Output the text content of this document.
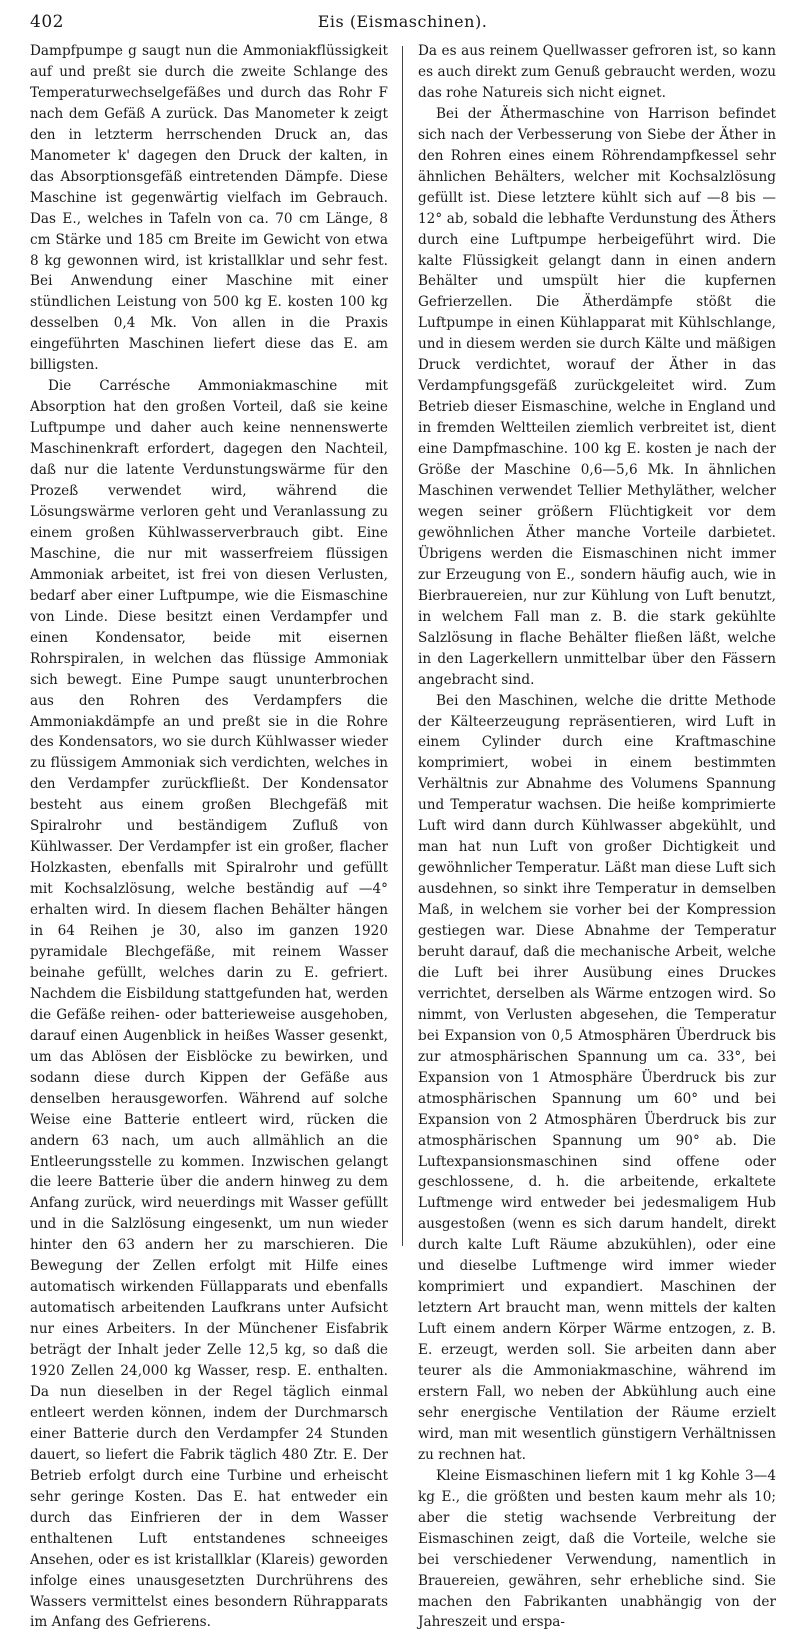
402	Eis (Eismaschinen).

Dampfpumpe g saugt nun die Ammoniakflüssigkeit auf und preßt sie durch die zweite Schlange des Temperaturwechselgefäßes und durch das Rohr F nach dem Gefäß A zurück. Das Manometer k zeigt den in letzterm herrschenden Druck an, das Manometer k' dagegen den Druck der kalten, in das Absorptionsgefäß eintretenden Dämpfe. Diese Maschine ist gegenwärtig vielfach im Gebrauch. Das E., welches in Tafeln von ca. 70 cm Länge, 8 cm Stärke und 185 cm Breite im Gewicht von etwa 8 kg gewonnen wird, ist kristallklar und sehr fest. Bei Anwendung einer Maschine mit einer stündlichen Leistung von 500 kg E. kosten 100 kg desselben 0,4 Mk. Von allen in die Praxis eingeführten Maschinen liefert diese das E. am billigsten.

Die Carrésche Ammoniakmaschine mit Absorption hat den großen Vorteil, daß sie keine Luftpumpe und daher auch keine nennenswerte Maschinenkraft erfordert, dagegen den Nachteil, daß nur die latente Verdunstungswärme für den Prozeß verwendet wird, während die Lösungswärme verloren geht und Veranlassung zu einem großen Kühlwasserverbrauch gibt. Eine Maschine, die nur mit wasserfreiem flüssigen Ammoniak arbeitet, ist frei von diesen Verlusten, bedarf aber einer Luftpumpe, wie die Eismaschine von Linde. Diese besitzt einen Verdampfer und einen Kondensator, beide mit eisernen Rohrspiralen, in welchen das flüssige Ammoniak sich bewegt. Eine Pumpe saugt ununterbrochen aus den Rohren des Verdampfers die Ammoniakdämpfe an und preßt sie in die Rohre des Kondensators, wo sie durch Kühlwasser wieder zu flüssigem Ammoniak sich verdichten, welches in den Verdampfer zurückfließt. Der Kondensator besteht aus einem großen Blechgefäß mit Spiralrohr und beständigem Zufluß von Kühlwasser. Der Verdampfer ist ein großer, flacher Holzkasten, ebenfalls mit Spiralrohr und gefüllt mit Kochsalzlösung, welche beständig auf —4° erhalten wird. In diesem flachen Behälter hängen in 64 Reihen je 30, also im ganzen 1920 pyramidale Blechgefäße, mit reinem Wasser beinahe gefüllt, welches darin zu E. gefriert. Nachdem die Eisbildung stattgefunden hat, werden die Gefäße reihen- oder batterieweise ausgehoben, darauf einen Augenblick in heißes Wasser gesenkt, um das Ablösen der Eisblöcke zu bewirken, und sodann diese durch Kippen der Gefäße aus denselben herausgeworfen. Während auf solche Weise eine Batterie entleert wird, rücken die andern 63 nach, um auch allmählich an die Entleerungsstelle zu kommen. Inzwischen gelangt die leere Batterie über die andern hinweg zu dem Anfang zurück, wird neuerdings mit Wasser gefüllt und in die Salzlösung eingesenkt, um nun wieder hinter den 63 andern her zu marschieren. Die Bewegung der Zellen erfolgt mit Hilfe eines automatisch wirkenden Füllapparats und ebenfalls automatisch arbeitenden Laufkrans unter Aufsicht nur eines Arbeiters. In der Münchener Eisfabrik beträgt der Inhalt jeder Zelle 12,5 kg, so daß die 1920 Zellen 24,000 kg Wasser, resp. E. enthalten. Da nun dieselben in der Regel täglich einmal entleert werden können, indem der Durchmarsch einer Batterie durch den Verdampfer 24 Stunden dauert, so liefert die Fabrik täglich 480 Ztr. E. Der Betrieb erfolgt durch eine Turbine und erheischt sehr geringe Kosten. Das E. hat entweder ein durch das Einfrieren der in dem Wasser enthaltenen Luft entstandenes schneeiges Ansehen, oder es ist kristallklar (Klareis) geworden infolge eines unausgesetzten Durchrührens des Wassers vermittelst eines besondern Rührapparats im Anfang des Gefrierens.

Da es aus reinem Quellwasser gefroren ist, so kann es auch direkt zum Genuß gebraucht werden, wozu das rohe Natureis sich nicht eignet.

Bei der Äthermaschine von Harrison befindet sich nach der Verbesserung von Siebe der Äther in den Rohren eines einem Röhrendampfkessel sehr ähnlichen Behälters, welcher mit Kochsalzlösung gefüllt ist. Diese letztere kühlt sich auf —8 bis —12° ab, sobald die lebhafte Verdunstung des Äthers durch eine Luftpumpe herbeigeführt wird. Die kalte Flüssigkeit gelangt dann in einen andern Behälter und umspült hier die kupfernen Gefrierzellen. Die Ätherdämpfe stößt die Luftpumpe in einen Kühlapparat mit Kühlschlange, und in diesem werden sie durch Kälte und mäßigen Druck verdichtet, worauf der Äther in das Verdampfungsgefäß zurückgeleitet wird. Zum Betrieb dieser Eismaschine, welche in England und in fremden Weltteilen ziemlich verbreitet ist, dient eine Dampfmaschine. 100 kg E. kosten je nach der Größe der Maschine 0,6—5,6 Mk. In ähnlichen Maschinen verwendet Tellier Methyläther, welcher wegen seiner größern Flüchtigkeit vor dem gewöhnlichen Äther manche Vorteile darbietet. Übrigens werden die Eismaschinen nicht immer zur Erzeugung von E., sondern häufig auch, wie in Bierbrauereien, nur zur Kühlung von Luft benutzt, in welchem Fall man z. B. die stark gekühlte Salzlösung in flache Behälter fließen läßt, welche in den Lagerkellern unmittelbar über den Fässern angebracht sind.

Bei den Maschinen, welche die dritte Methode der Kälteerzeugung repräsentieren, wird Luft in einem Cylinder durch eine Kraftmaschine komprimiert, wobei in einem bestimmten Verhältnis zur Abnahme des Volumens Spannung und Temperatur wachsen. Die heiße komprimierte Luft wird dann durch Kühlwasser abgekühlt, und man hat nun Luft von großer Dichtigkeit und gewöhnlicher Temperatur. Läßt man diese Luft sich ausdehnen, so sinkt ihre Temperatur in demselben Maß, in welchem sie vorher bei der Kompression gestiegen war. Diese Abnahme der Temperatur beruht darauf, daß die mechanische Arbeit, welche die Luft bei ihrer Ausübung eines Druckes verrichtet, derselben als Wärme entzogen wird. So nimmt, von Verlusten abgesehen, die Temperatur bei Expansion von 0,5 Atmosphären Überdruck bis zur atmosphärischen Spannung um ca. 33°, bei Expansion von 1 Atmosphäre Überdruck bis zur atmosphärischen Spannung um 60° und bei Expansion von 2 Atmosphären Überdruck bis zur atmosphärischen Spannung um 90° ab. Die Luftexpansionsmaschinen sind offene oder geschlossene, d. h. die arbeitende, erkaltete Luftmenge wird entweder bei jedesmaligem Hub ausgestoßen (wenn es sich darum handelt, direkt durch kalte Luft Räume abzukühlen), oder eine und dieselbe Luftmenge wird immer wieder komprimiert und expandiert. Maschinen der letztern Art braucht man, wenn mittels der kalten Luft einem andern Körper Wärme entzogen, z. B. E. erzeugt, werden soll. Sie arbeiten dann aber teurer als die Ammoniakmaschine, während im erstern Fall, wo neben der Abkühlung auch eine sehr energische Ventilation der Räume erzielt wird, man mit wesentlich günstigern Verhältnissen zu rechnen hat.

Kleine Eismaschinen liefern mit 1 kg Kohle 3—4 kg E., die größten und besten kaum mehr als 10; aber die stetig wachsende Verbreitung der Eismaschinen zeigt, daß die Vorteile, welche sie bei verschiedener Verwendung, namentlich in Brauereien, gewähren, sehr erhebliche sind. Sie machen den Fabrikanten unabhängig von der Jahreszeit und erspa-
